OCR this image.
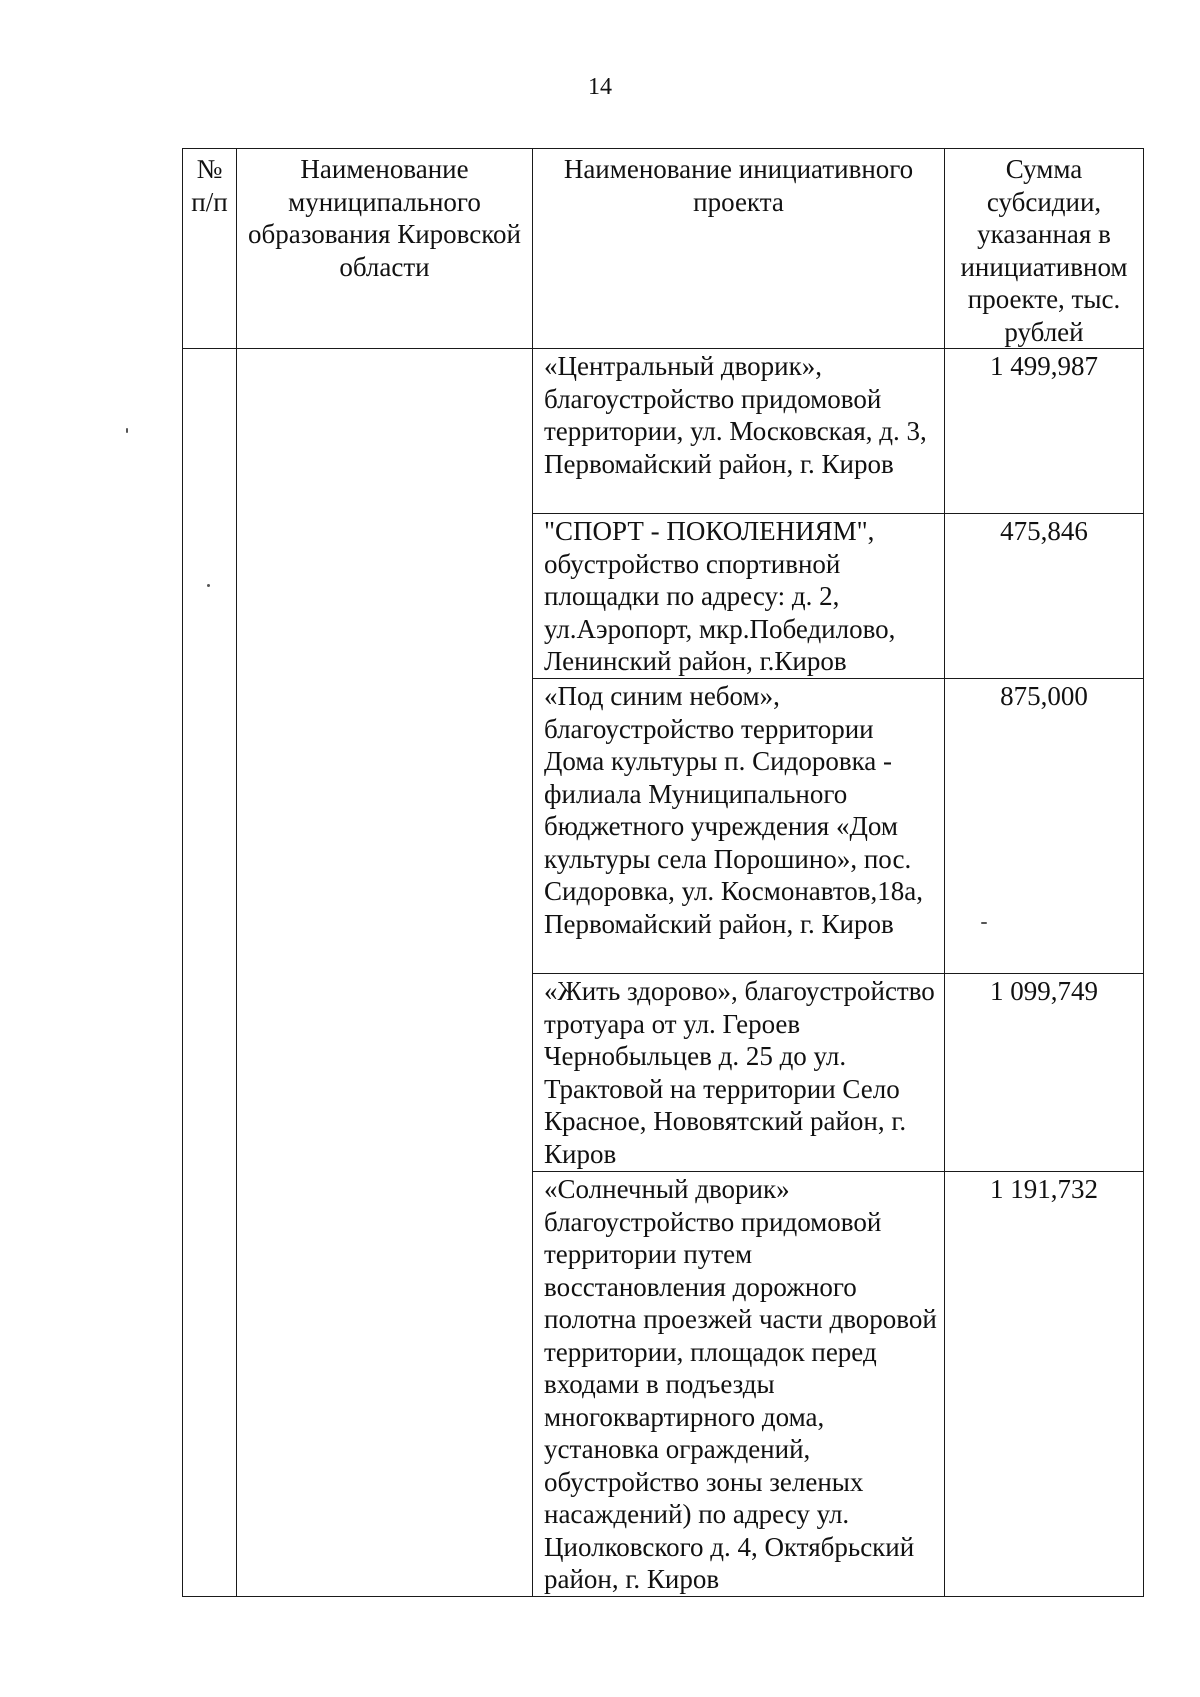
14
№ п/п	Наименование муниципального образования Кировской области	Наименование инициативного проекта	Сумма субсидии, указанная в инициативном проекте, тыс. рублей
		«Центральный дворик», благоустройство придомовой территории, ул. Московская, д. 3, Первомайский район, г. Киров	1 499,987
		"СПОРТ - ПОКОЛЕНИЯМ", обустройство спортивной площадки по адресу: д. 2, ул.Аэропорт, мкр.Победилово, Ленинский район, г.Киров	475,846
		«Под синим небом», благоустройство территории Дома культуры п. Сидоровка - филиала Муниципального бюджетного учреждения «Дом культуры села Порошино», пос. Сидоровка, ул. Космонавтов,18а, Первомайский район, г. Киров	875,000
		«Жить здорово», благоустройство тротуара от ул. Героев Чернобыльцев д. 25 до ул. Трактовой на территории Село Красное, Нововятский район, г. Киров	1 099,749
		«Солнечный дворик» благоустройство придомовой территории путем восстановления дорожного полотна проезжей части дворовой территории, площадок перед входами в подъезды многоквартирного дома, установка ограждений, обустройство зоны зеленых насаждений) по адресу ул. Циолковского д. 4, Октябрьский район, г. Киров	1 191,732
